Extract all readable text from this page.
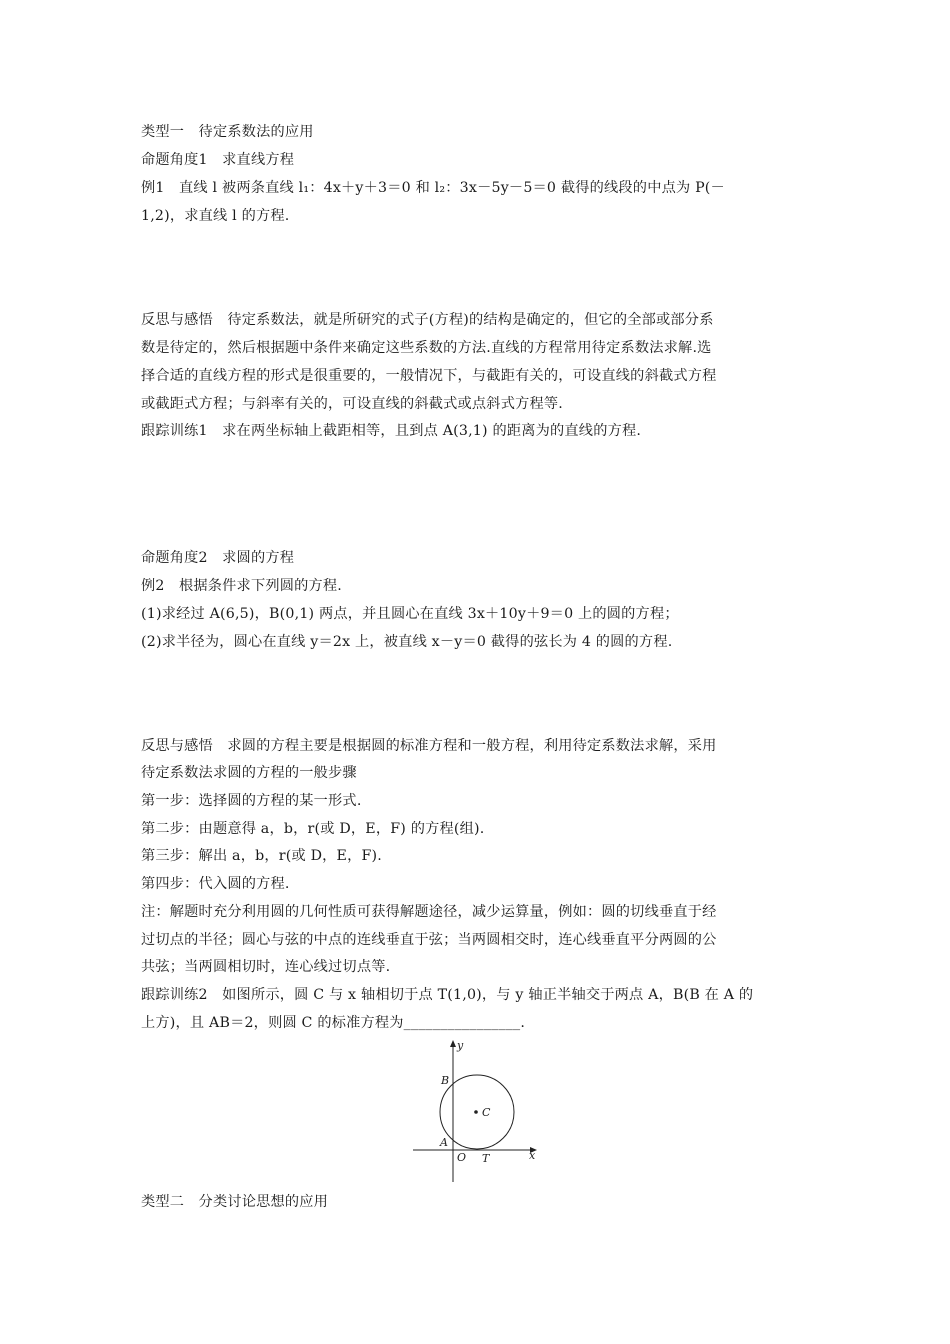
类型一　待定系数法的应用
命题角度1　求直线方程
例1　直线 l 被两条直线 l₁：4x＋y＋3＝0 和 l₂：3x－5y－5＝0 截得的线段的中点为 P(－
1,2)，求直线 l 的方程.
反思与感悟　待定系数法，就是所研究的式子(方程)的结构是确定的，但它的全部或部分系
数是待定的，然后根据题中条件来确定这些系数的方法.直线的方程常用待定系数法求解.选
择合适的直线方程的形式是很重要的，一般情况下，与截距有关的，可设直线的斜截式方程
或截距式方程；与斜率有关的，可设直线的斜截式或点斜式方程等.
跟踪训练1　求在两坐标轴上截距相等，且到点 A(3,1) 的距离为的直线的方程.
命题角度2　求圆的方程
例2　根据条件求下列圆的方程.
(1)求经过 A(6,5)，B(0,1) 两点，并且圆心在直线 3x＋10y＋9＝0 上的圆的方程；
(2)求半径为，圆心在直线 y＝2x 上，被直线 x－y＝0 截得的弦长为 4 的圆的方程.
反思与感悟　求圆的方程主要是根据圆的标准方程和一般方程，利用待定系数法求解，采用
待定系数法求圆的方程的一般步骤
第一步：选择圆的方程的某一形式.
第二步：由题意得 a，b，r(或 D，E，F) 的方程(组).
第三步：解出 a，b，r(或 D，E，F).
第四步：代入圆的方程.
注：解题时充分利用圆的几何性质可获得解题途径，减少运算量，例如：圆的切线垂直于经
过切点的半径；圆心与弦的中点的连线垂直于弦；当两圆相交时，连心线垂直平分两圆的公
共弦；当两圆相切时，连心线过切点等.
跟踪训练2　如图所示，圆 C 与 x 轴相切于点 T(1,0)，与 y 轴正半轴交于两点 A，B(B 在 A 的
上方)，且 AB＝2，则圆 C 的标准方程为________________.
y
x
B
C
A
O T
类型二　分类讨论思想的应用
